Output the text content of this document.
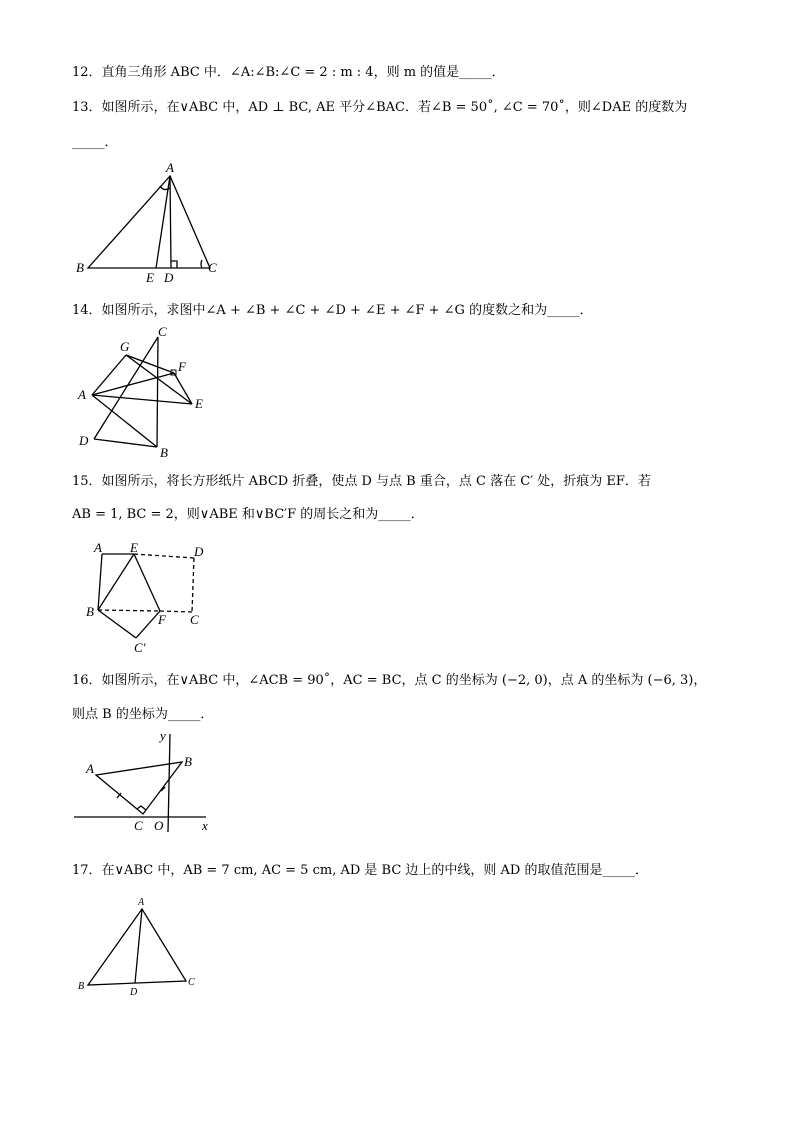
12．直角三角形 ABC 中．∠A:∠B:∠C = 2 : m : 4，则 m 的值是_____．
13．如图所示，在∨ABC 中，AD ⊥ BC, AE 平分∠BAC．若∠B = 50˚, ∠C = 70˚，则∠DAE 的度数为
_____．
A
B
E D
C
14．如图所示，求图中∠A + ∠B + ∠C + ∠D + ∠E + ∠F + ∠G 的度数之和为_____．
C
G
F
A
E
D
B
15．如图所示，将长方形纸片 ABCD 折叠，使点 D 与点 B 重合，点 C 落在 C′ 处，折痕为 EF．若
AB = 1, BC = 2，则∨ABE 和∨BC′F 的周长之和为_____．
A E	D
B
F C
C′
16．如图所示，在∨ABC 中，∠ACB = 90˚，AC = BC，点 C 的坐标为 (−2, 0)，点 A 的坐标为 (−6, 3)，
则点 B 的坐标为_____．
y
A	B
C O	x
17．在∨ABC 中，AB = 7 cm, AC = 5 cm, AD 是 BC 边上的中线，则 AD 的取值范围是_____．
A
B
D
C
